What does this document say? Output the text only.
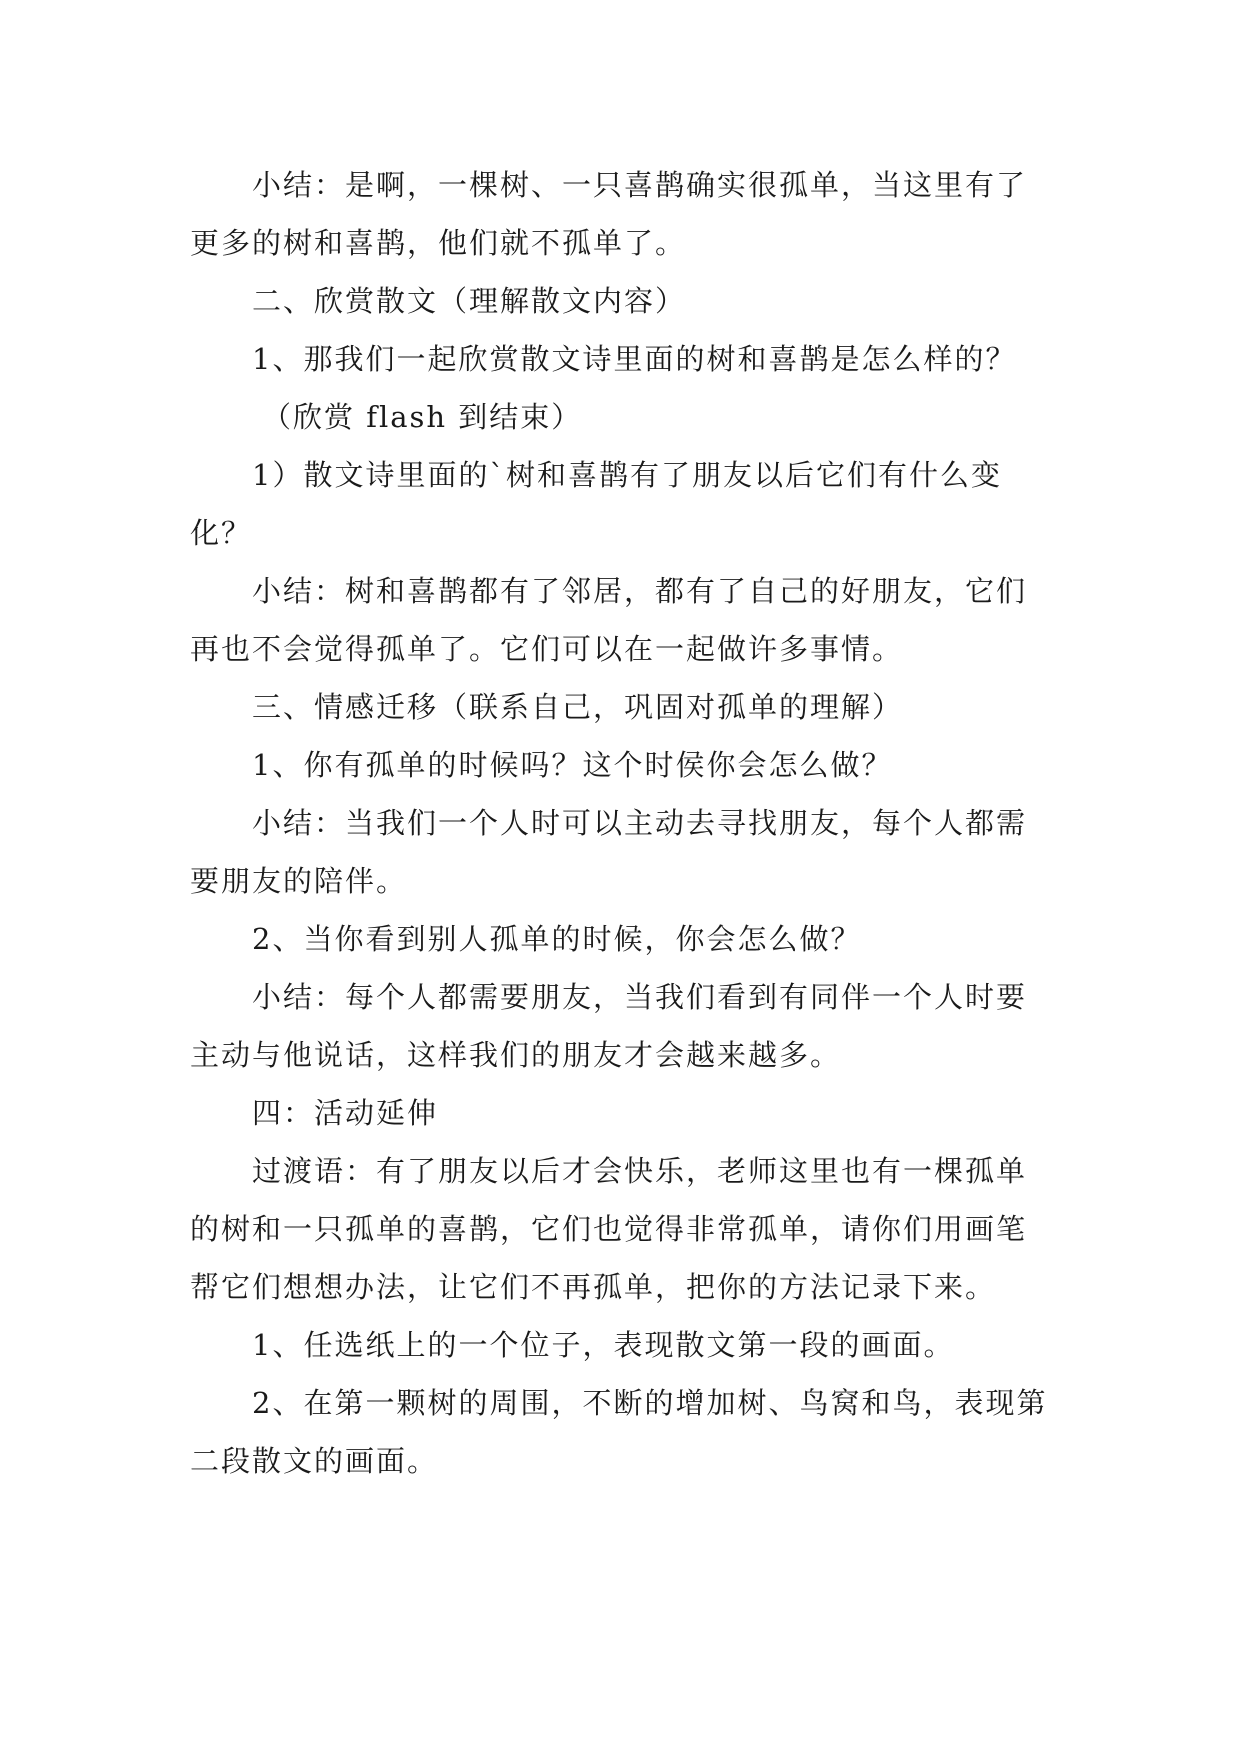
小结：是啊，一棵树、一只喜鹊确实很孤单，当这里有了更多的树和喜鹊，他们就不孤单了。

二、欣赏散文（理解散文内容）

1、那我们一起欣赏散文诗里面的树和喜鹊是怎么样的？

（欣赏 flash 到结束）

1）散文诗里面的`树和喜鹊有了朋友以后它们有什么变化？

小结：树和喜鹊都有了邻居，都有了自己的好朋友，它们再也不会觉得孤单了。它们可以在一起做许多事情。

三、情感迁移（联系自己，巩固对孤单的理解）

1、你有孤单的时候吗？这个时侯你会怎么做？

小结：当我们一个人时可以主动去寻找朋友，每个人都需要朋友的陪伴。

2、当你看到别人孤单的时候，你会怎么做？

小结：每个人都需要朋友，当我们看到有同伴一个人时要主动与他说话，这样我们的朋友才会越来越多。

四：活动延伸

过渡语：有了朋友以后才会快乐，老师这里也有一棵孤单的树和一只孤单的喜鹊，它们也觉得非常孤单，请你们用画笔帮它们想想办法，让它们不再孤单，把你的方法记录下来。

1、任选纸上的一个位子，表现散文第一段的画面。

2、在第一颗树的周围，不断的增加树、鸟窝和鸟，表现第二段散文的画面。
